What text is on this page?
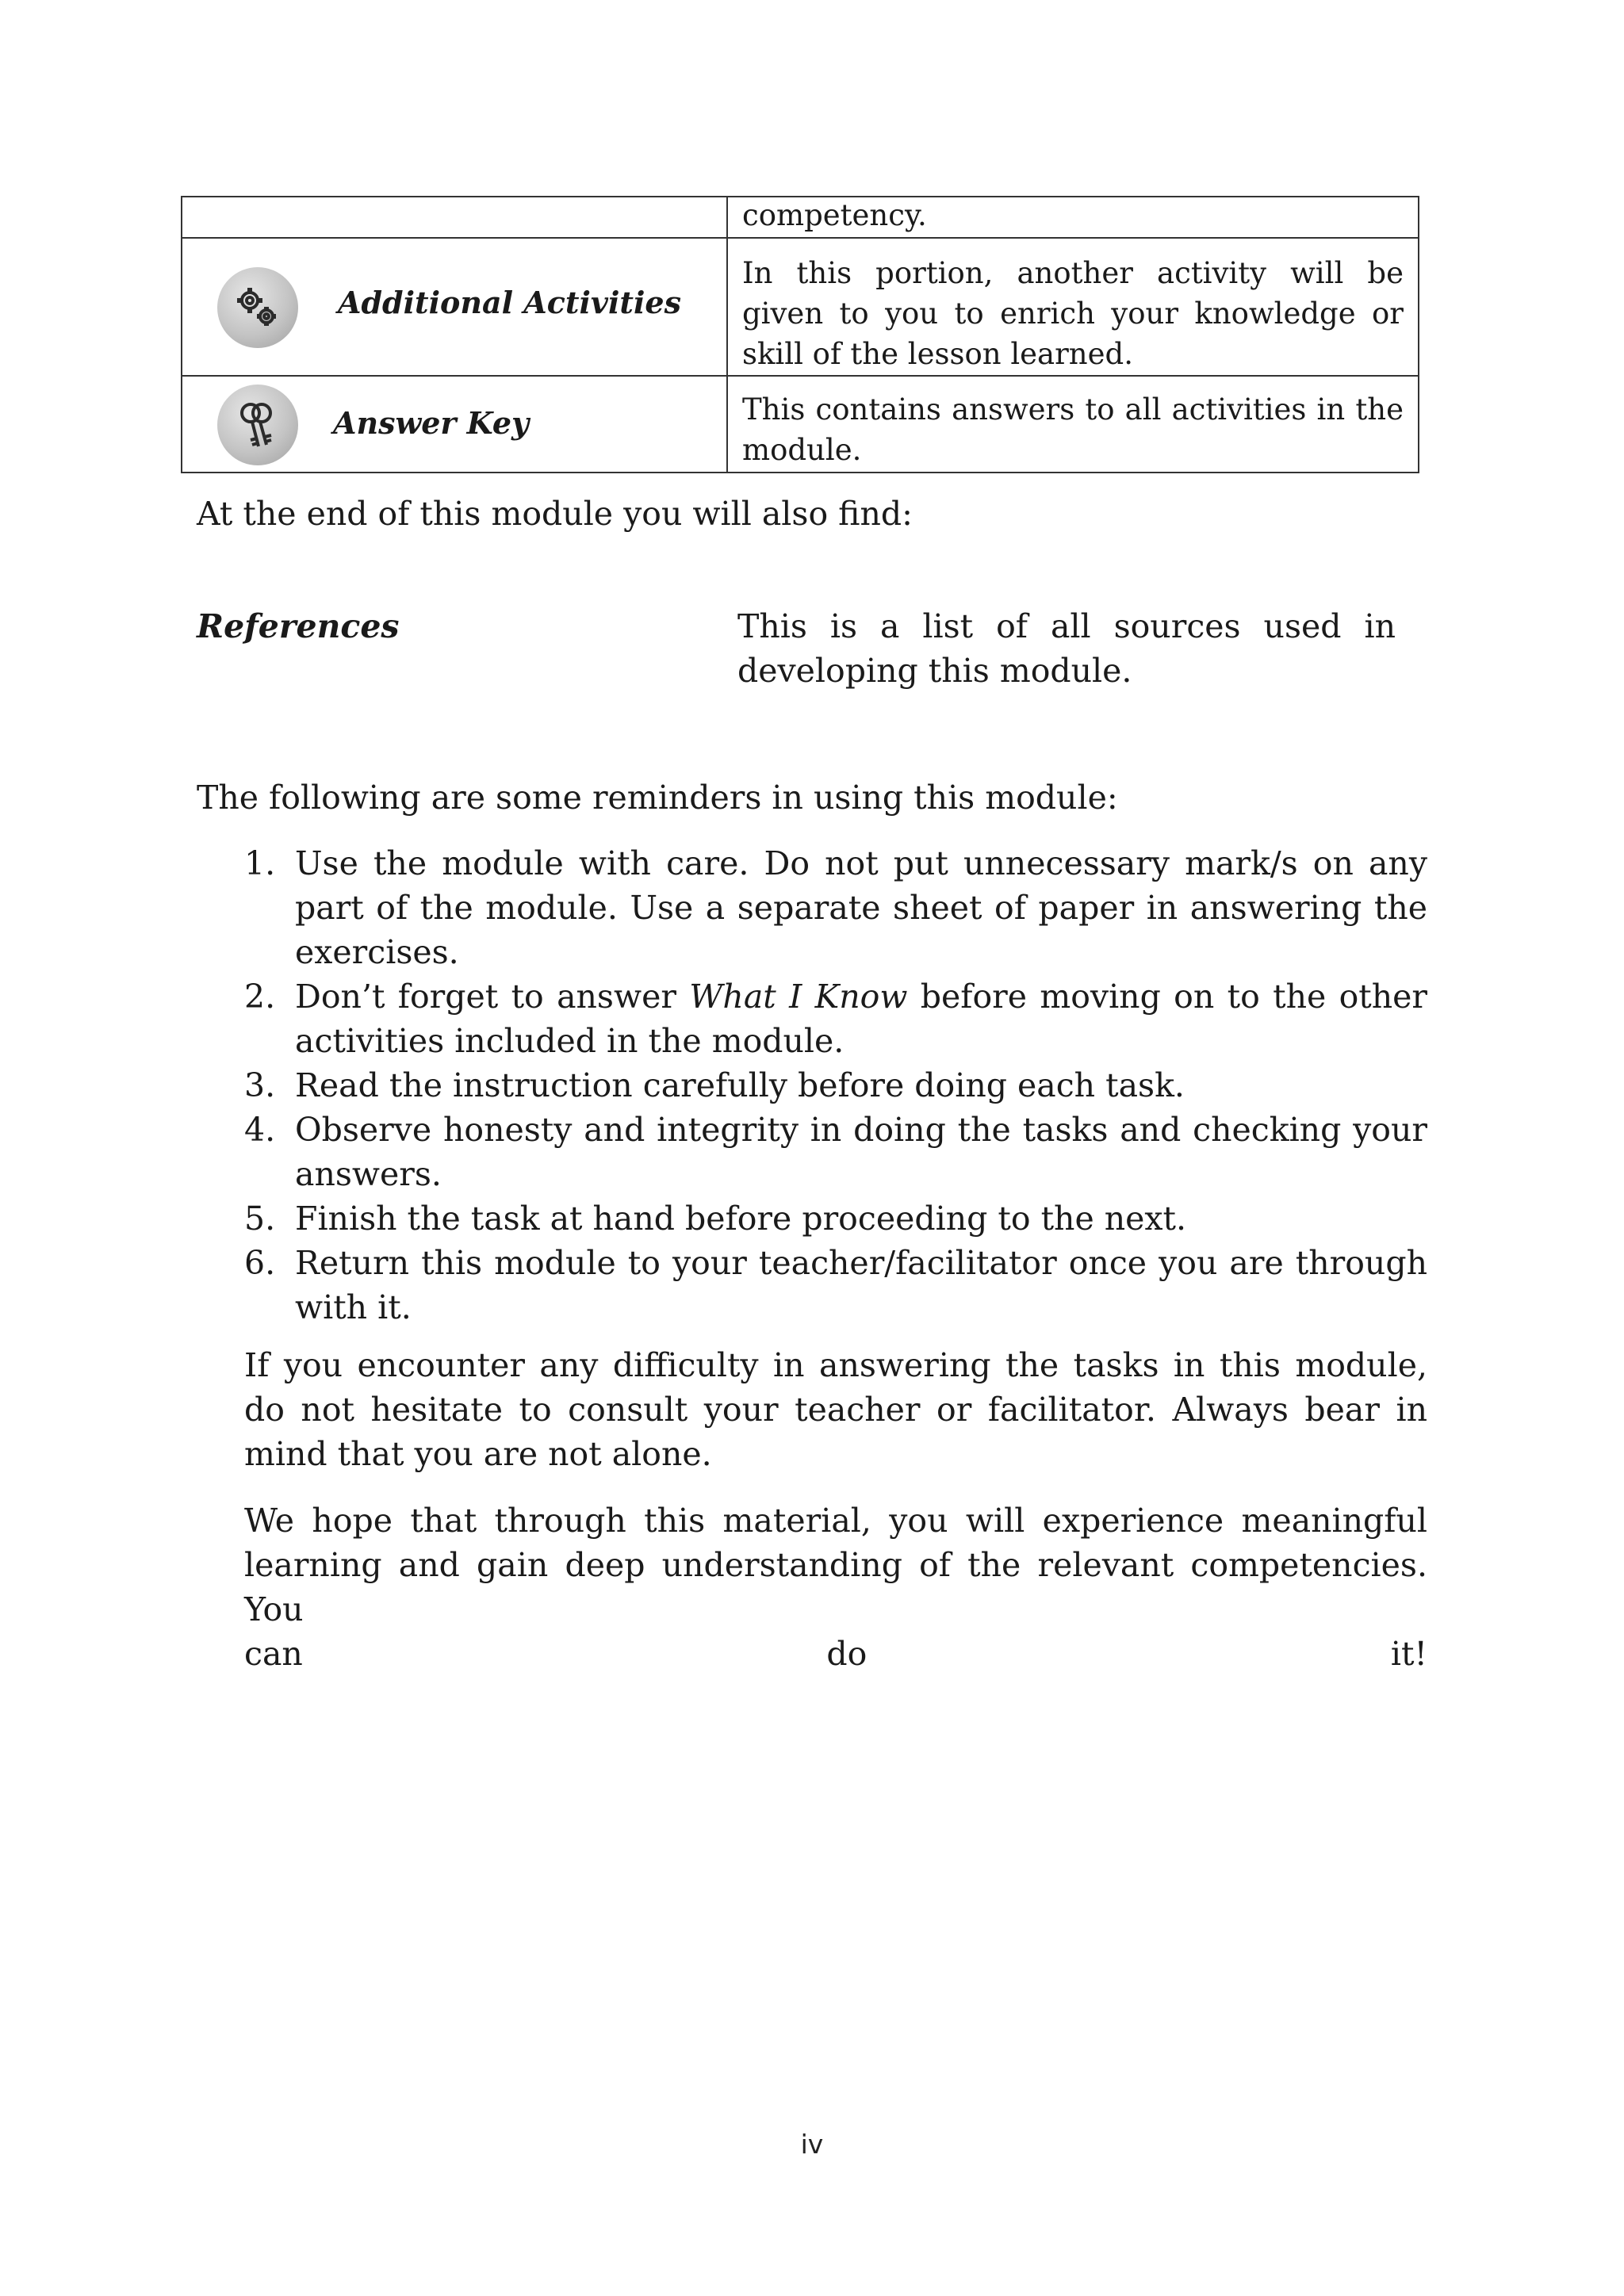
	competency.

Additional Activities	In this portion, another activity will be given to you to enrich your knowledge or skill of the lesson learned.

Answer Key	This contains answers to all activities in the module.
At the end of this module you will also find:
References	This is a list of all sources used in developing this module.
The following are some reminders in using this module:
1. Use the module with care. Do not put unnecessary mark/s on any part of the module. Use a separate sheet of paper in answering the exercises.
2. Don’t forget to answer What I Know before moving on to the other activities included in the module.
3. Read the instruction carefully before doing each task.
4. Observe honesty and integrity in doing the tasks and checking your answers.
5. Finish the task at hand before proceeding to the next.
6. Return this module to your teacher/facilitator once you are through with it.
If you encounter any difficulty in answering the tasks in this module, do not hesitate to consult your teacher or facilitator. Always bear in mind that you are not alone.
We hope that through this material, you will experience meaningful learning and gain deep understanding of the relevant competencies. You
can	do	it!
iv
